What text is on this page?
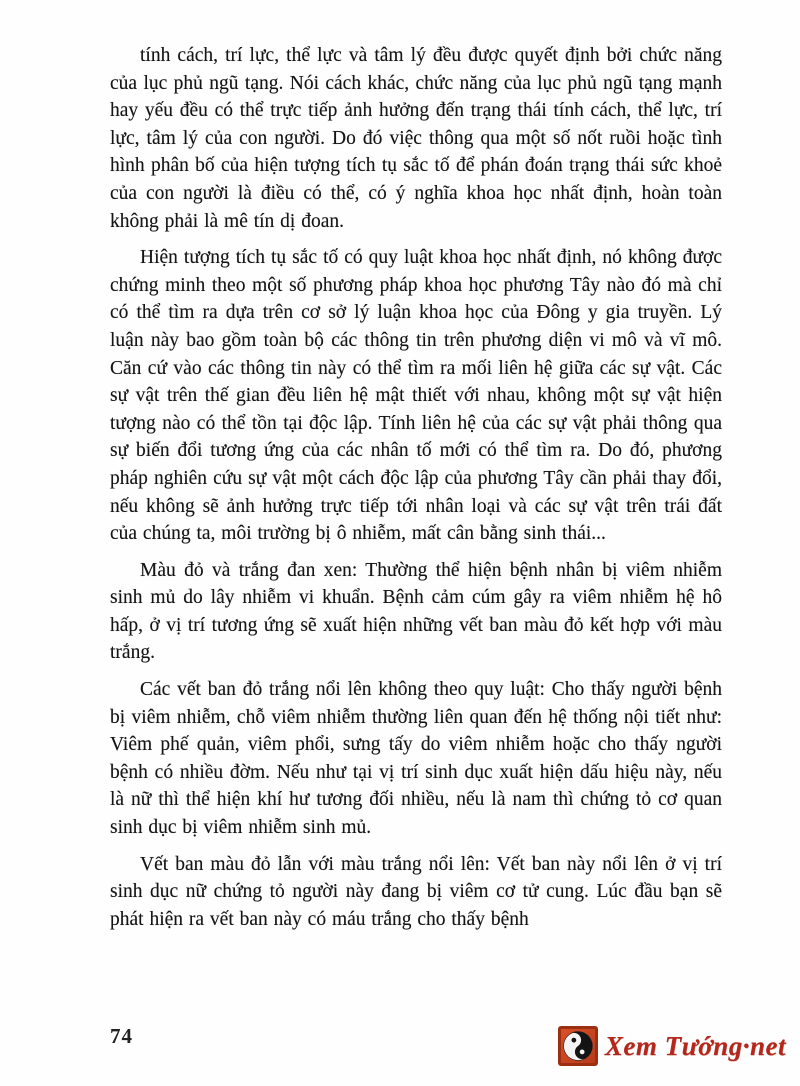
tính cách, trí lực, thể lực và tâm lý đều được quyết định bởi chức năng của lục phủ ngũ tạng. Nói cách khác, chức năng của lục phủ ngũ tạng mạnh hay yếu đều có thể trực tiếp ảnh hưởng đến trạng thái tính cách, thể lực, trí lực, tâm lý của con người. Do đó việc thông qua một số nốt ruồi hoặc tình hình phân bố của hiện tượng tích tụ sắc tố để phán đoán trạng thái sức khoẻ của con người là điều có thể, có ý nghĩa khoa học nhất định, hoàn toàn không phải là mê tín dị đoan.

Hiện tượng tích tụ sắc tố có quy luật khoa học nhất định, nó không được chứng minh theo một số phương pháp khoa học phương Tây nào đó mà chỉ có thể tìm ra dựa trên cơ sở lý luận khoa học của Đông y gia truyền. Lý luận này bao gồm toàn bộ các thông tin trên phương diện vi mô và vĩ mô. Căn cứ vào các thông tin này có thể tìm ra mối liên hệ giữa các sự vật. Các sự vật trên thế gian đều liên hệ mật thiết với nhau, không một sự vật hiện tượng nào có thể tồn tại độc lập. Tính liên hệ của các sự vật phải thông qua sự biến đổi tương ứng của các nhân tố mới có thể tìm ra. Do đó, phương pháp nghiên cứu sự vật một cách độc lập của phương Tây cần phải thay đổi, nếu không sẽ ảnh hưởng trực tiếp tới nhân loại và các sự vật trên trái đất của chúng ta, môi trường bị ô nhiễm, mất cân bằng sinh thái...

Màu đỏ và trắng đan xen: Thường thể hiện bệnh nhân bị viêm nhiễm sinh mủ do lây nhiễm vi khuẩn. Bệnh cảm cúm gây ra viêm nhiễm hệ hô hấp, ở vị trí tương ứng sẽ xuất hiện những vết ban màu đỏ kết hợp với màu trắng.

Các vết ban đỏ trắng nổi lên không theo quy luật: Cho thấy người bệnh bị viêm nhiễm, chỗ viêm nhiễm thường liên quan đến hệ thống nội tiết như: Viêm phế quản, viêm phổi, sưng tấy do viêm nhiễm hoặc cho thấy người bệnh có nhiều đờm. Nếu như tại vị trí sinh dục xuất hiện dấu hiệu này, nếu là nữ thì thể hiện khí hư tương đối nhiều, nếu là nam thì chứng tỏ cơ quan sinh dục bị viêm nhiễm sinh mủ.

Vết ban màu đỏ lẫn với màu trắng nổi lên: Vết ban này nổi lên ở vị trí sinh dục nữ chứng tỏ người này đang bị viêm cơ tử cung. Lúc đầu bạn sẽ phát hiện ra vết ban này có máu trắng cho thấy bệnh

74	Xem Tướng·net
